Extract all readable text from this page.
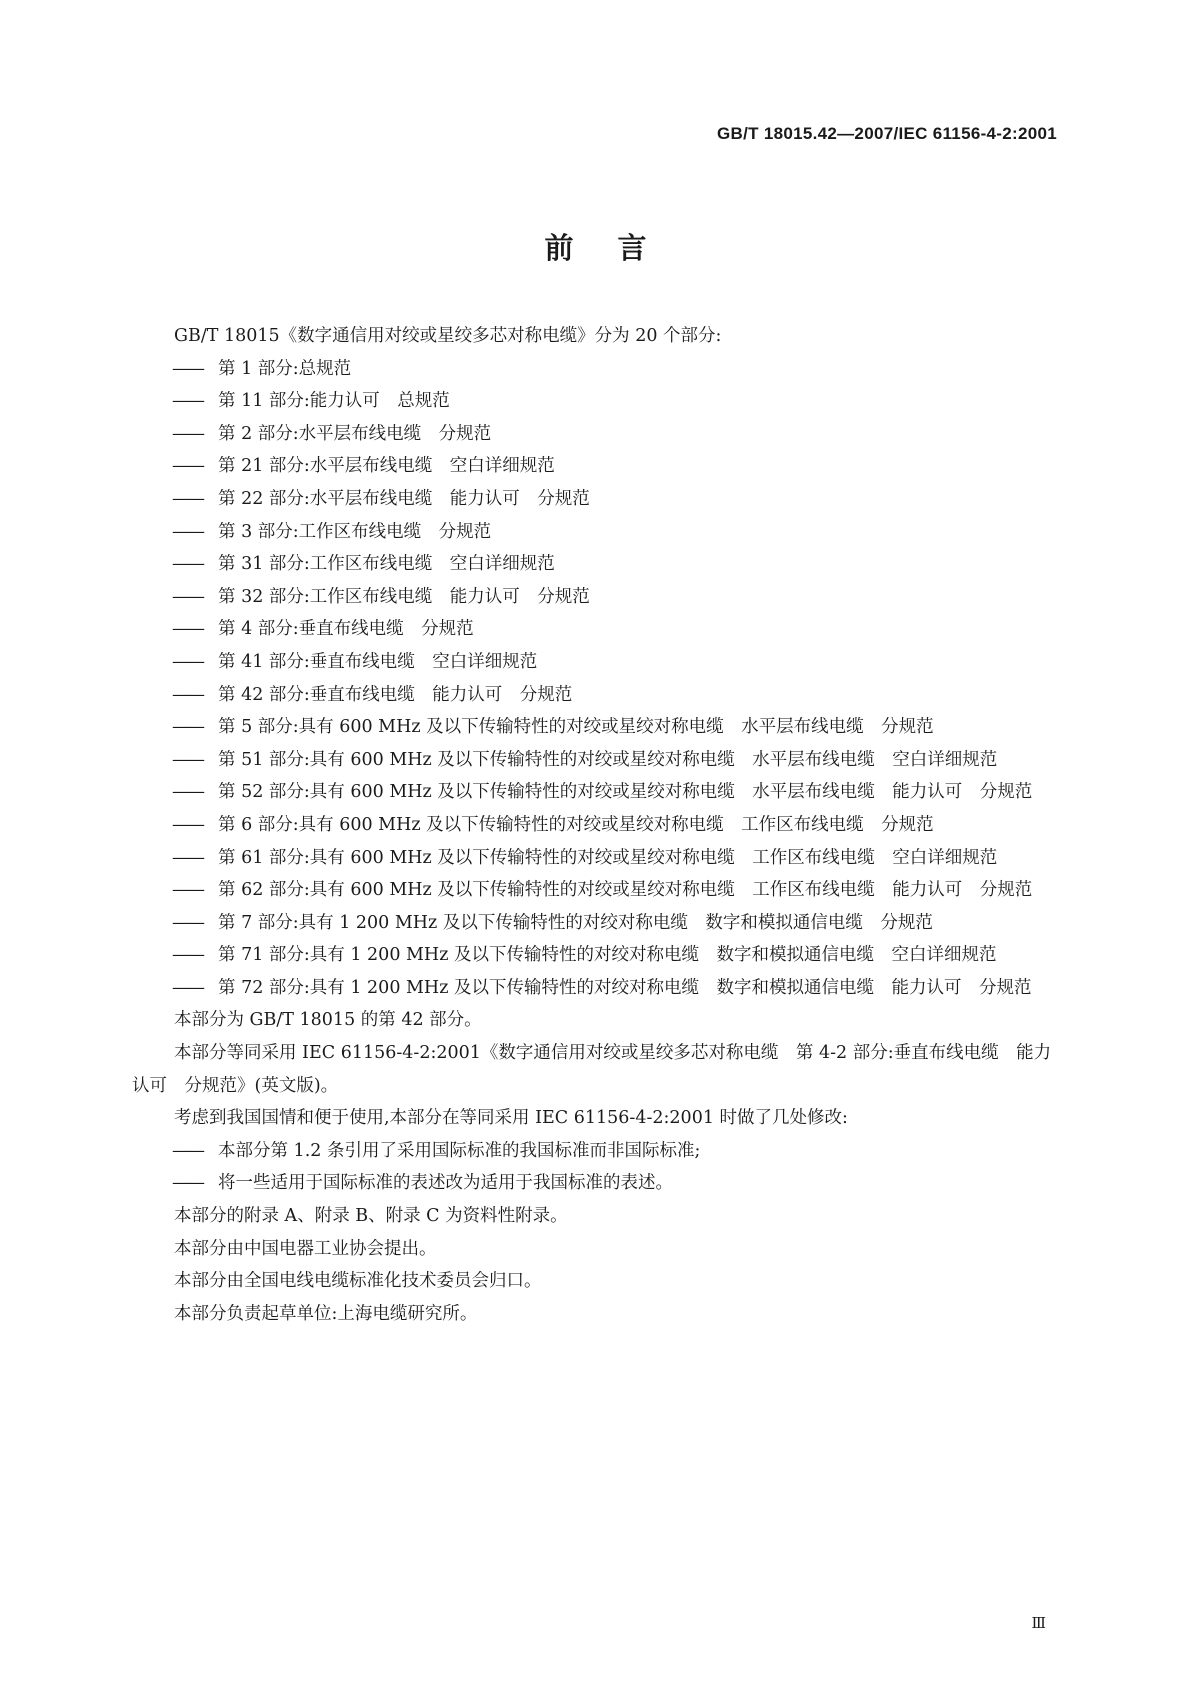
GB/T 18015.42—2007/IEC 61156-4-2:2001
前言
GB/T 18015《数字通信用对绞或星绞多芯对称电缆》分为 20 个部分:
—— 第 1 部分:总规范
—— 第 11 部分:能力认可　总规范
—— 第 2 部分:水平层布线电缆　分规范
—— 第 21 部分:水平层布线电缆　空白详细规范
—— 第 22 部分:水平层布线电缆　能力认可　分规范
—— 第 3 部分:工作区布线电缆　分规范
—— 第 31 部分:工作区布线电缆　空白详细规范
—— 第 32 部分:工作区布线电缆　能力认可　分规范
—— 第 4 部分:垂直布线电缆　分规范
—— 第 41 部分:垂直布线电缆　空白详细规范
—— 第 42 部分:垂直布线电缆　能力认可　分规范
—— 第 5 部分:具有 600 MHz 及以下传输特性的对绞或星绞对称电缆　水平层布线电缆　分规范
—— 第 51 部分:具有 600 MHz 及以下传输特性的对绞或星绞对称电缆　水平层布线电缆　空白详细规范
—— 第 52 部分:具有 600 MHz 及以下传输特性的对绞或星绞对称电缆　水平层布线电缆　能力认可　分规范
—— 第 6 部分:具有 600 MHz 及以下传输特性的对绞或星绞对称电缆　工作区布线电缆　分规范
—— 第 61 部分:具有 600 MHz 及以下传输特性的对绞或星绞对称电缆　工作区布线电缆　空白详细规范
—— 第 62 部分:具有 600 MHz 及以下传输特性的对绞或星绞对称电缆　工作区布线电缆　能力认可　分规范
—— 第 7 部分:具有 1 200 MHz 及以下传输特性的对绞对称电缆　数字和模拟通信电缆　分规范
—— 第 71 部分:具有 1 200 MHz 及以下传输特性的对绞对称电缆　数字和模拟通信电缆　空白详细规范
—— 第 72 部分:具有 1 200 MHz 及以下传输特性的对绞对称电缆　数字和模拟通信电缆　能力认可　分规范
本部分为 GB/T 18015 的第 42 部分。
本部分等同采用 IEC 61156-4-2:2001《数字通信用对绞或星绞多芯对称电缆　第 4-2 部分:垂直布线电缆　能力认可　分规范》(英文版)。
考虑到我国国情和便于使用,本部分在等同采用 IEC 61156-4-2:2001 时做了几处修改:
—— 本部分第 1.2 条引用了采用国际标准的我国标准而非国际标准;
—— 将一些适用于国际标准的表述改为适用于我国标准的表述。
本部分的附录 A、附录 B、附录 C 为资料性附录。
本部分由中国电器工业协会提出。
本部分由全国电线电缆标准化技术委员会归口。
本部分负责起草单位:上海电缆研究所。
Ⅲ
